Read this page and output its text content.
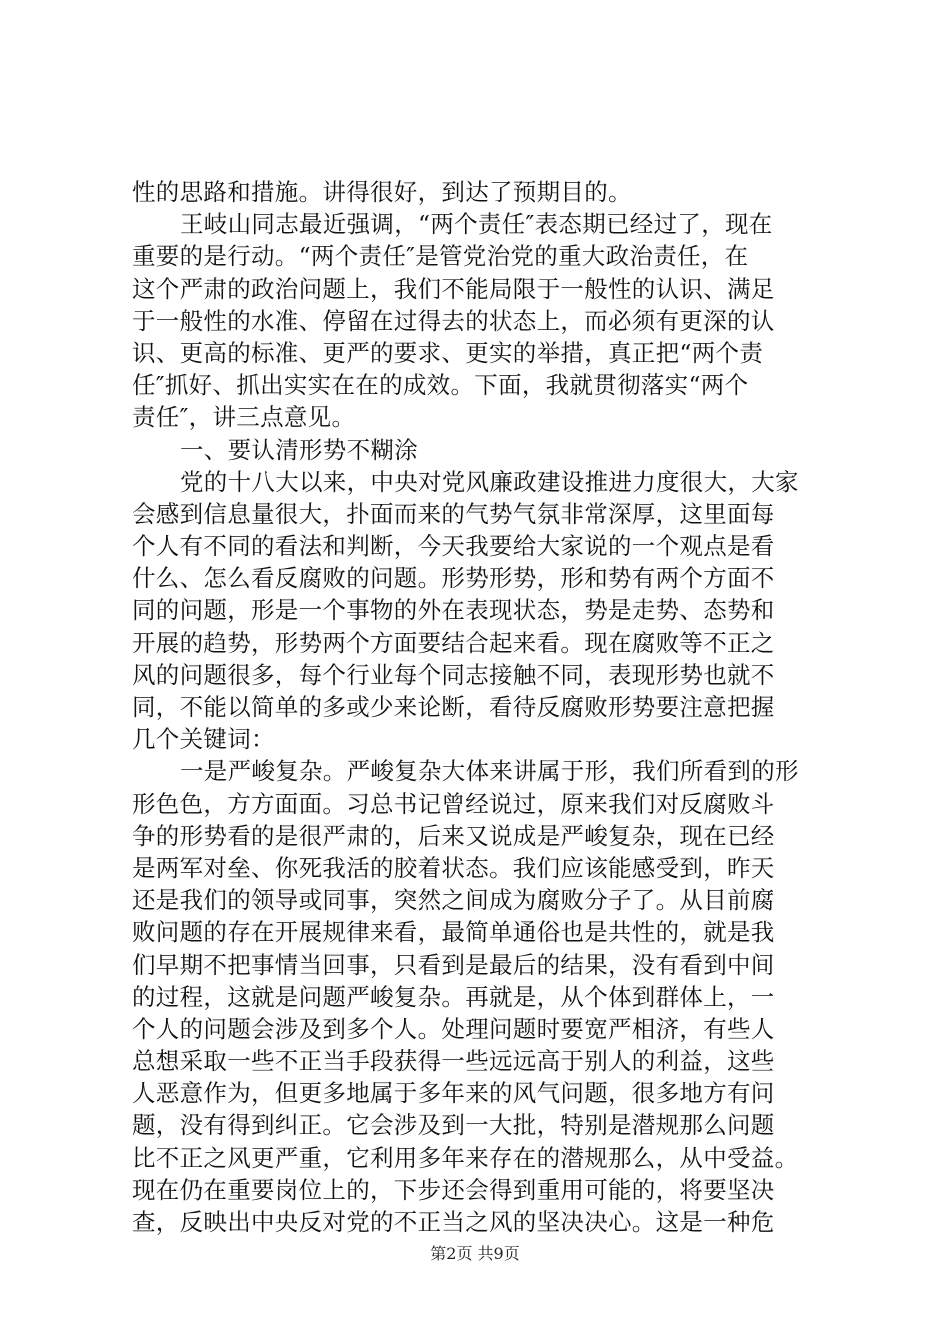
性的思路和措施。讲得很好，到达了预期目的。
王岐山同志最近强调，“两个责任″表态期已经过了，现在
重要的是行动。“两个责任″是管党治党的重大政治责任，在
这个严肃的政治问题上，我们不能局限于一般性的认识、满足
于一般性的水准、停留在过得去的状态上，而必须有更深的认
识、更高的标准、更严的要求、更实的举措，真正把“两个责
任″抓好、抓出实实在在的成效。下面，我就贯彻落实“两个
责任″，讲三点意见。
一、要认清形势不糊涂
党的十八大以来，中央对党风廉政建设推进力度很大，大家
会感到信息量很大，扑面而来的气势气氛非常深厚，这里面每
个人有不同的看法和判断，今天我要给大家说的一个观点是看
什么、怎么看反腐败的问题。形势形势，形和势有两个方面不
同的问题，形是一个事物的外在表现状态，势是走势、态势和
开展的趋势，形势两个方面要结合起来看。现在腐败等不正之
风的问题很多，每个行业每个同志接触不同，表现形势也就不
同，不能以简单的多或少来论断，看待反腐败形势要注意把握
几个关键词：
一是严峻复杂。严峻复杂大体来讲属于形，我们所看到的形
形色色，方方面面。习总书记曾经说过，原来我们对反腐败斗
争的形势看的是很严肃的，后来又说成是严峻复杂，现在已经
是两军对垒、你死我活的胶着状态。我们应该能感受到，昨天
还是我们的领导或同事，突然之间成为腐败分子了。从目前腐
败问题的存在开展规律来看，最简单通俗也是共性的，就是我
们早期不把事情当回事，只看到是最后的结果，没有看到中间
的过程，这就是问题严峻复杂。再就是，从个体到群体上，一
个人的问题会涉及到多个人。处理问题时要宽严相济，有些人
总想采取一些不正当手段获得一些远远高于别人的利益，这些
人恶意作为，但更多地属于多年来的风气问题，很多地方有问
题，没有得到纠正。它会涉及到一大批，特别是潜规那么问题
比不正之风更严重，它利用多年来存在的潜规那么，从中受益。
现在仍在重要岗位上的，下步还会得到重用可能的，将要坚决
查，反映出中央反对党的不正当之风的坚决决心。这是一种危
第2页 共9页
